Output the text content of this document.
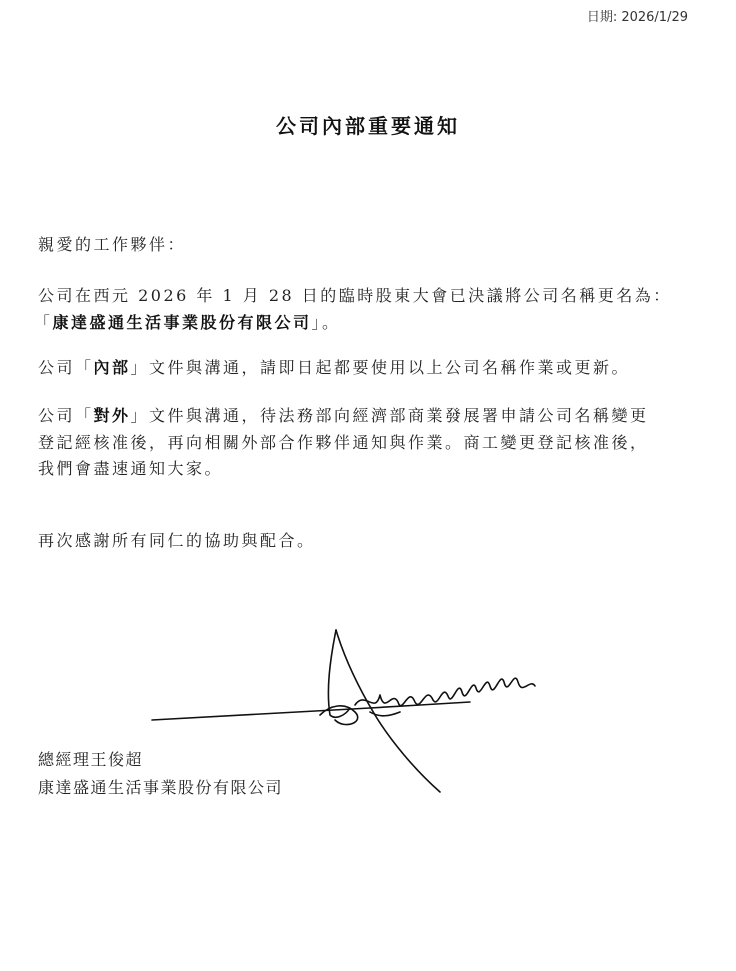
日期: 2026/1/29
公司內部重要通知
親愛的工作夥伴：
公司在西元 2026 年 1 月 28 日的臨時股東大會已決議將公司名稱更名為：
「康達盛通生活事業股份有限公司」。
公司「內部」文件與溝通，請即日起都要使用以上公司名稱作業或更新。
公司「對外」文件與溝通，待法務部向經濟部商業發展署申請公司名稱變更
登記經核准後，再向相關外部合作夥伴通知與作業。商工變更登記核准後，
我們會盡速通知大家。
再次感謝所有同仁的協助與配合。
總經理王俊超
康達盛通生活事業股份有限公司
